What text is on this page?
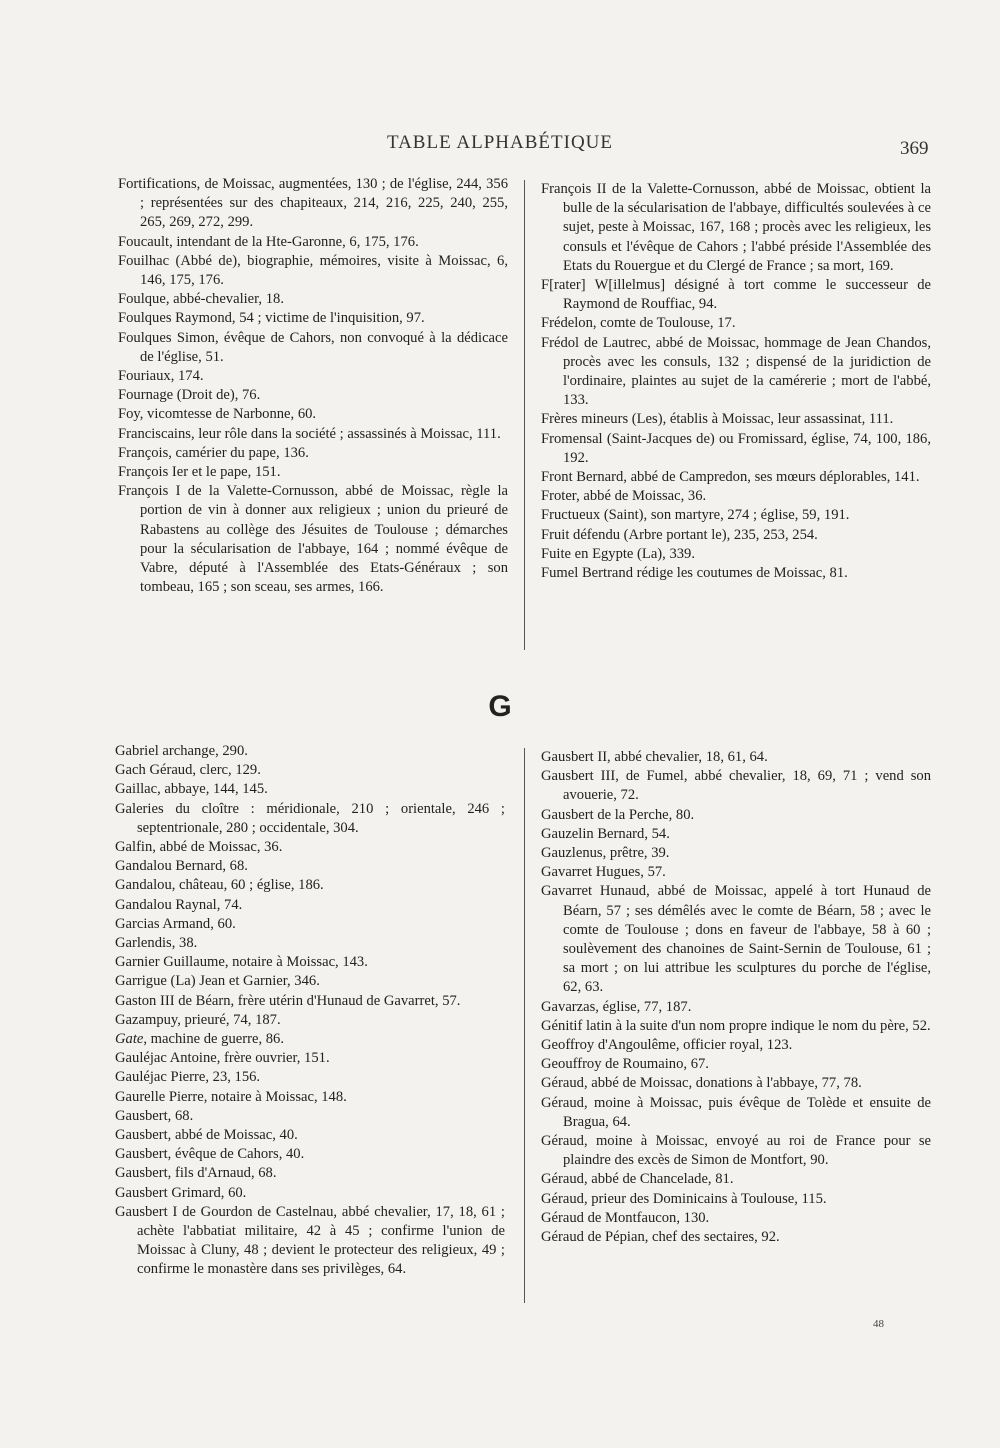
TABLE ALPHABÉTIQUE	369
Fortifications, de Moissac, augmentées, 130 ; de l'église, 244, 356 ; représentées sur des chapiteaux, 214, 216, 225, 240, 255, 265, 269, 272, 299.
Foucault, intendant de la Hte-Garonne, 6, 175, 176.
Fouilhac (Abbé de), biographie, mémoires, visite à Moissac, 6, 146, 175, 176.
Foulque, abbé-chevalier, 18.
Foulques Raymond, 54 ; victime de l'inquisition, 97.
Foulques Simon, évêque de Cahors, non convoqué à la dédicace de l'église, 51.
Fouriaux, 174.
Fournage (Droit de), 76.
Foy, vicomtesse de Narbonne, 60.
Franciscains, leur rôle dans la société ; assassinés à Moissac, 111.
François, camérier du pape, 136.
François Ier et le pape, 151.
François I de la Valette-Cornusson, abbé de Moissac, règle la portion de vin à donner aux religieux ; union du prieuré de Rabastens au collège des Jésuites de Toulouse ; démarches pour la sécularisation de l'abbaye, 164 ; nommé évêque de Vabre, député à l'Assemblée des Etats-Généraux ; son tombeau, 165 ; son sceau, ses armes, 166.
François II de la Valette-Cornusson, abbé de Moissac, obtient la bulle de la sécularisation de l'abbaye, difficultés soulevées à ce sujet, peste à Moissac, 167, 168 ; procès avec les religieux, les consuls et l'évêque de Cahors ; l'abbé préside l'Assemblée des Etats du Rouergue et du Clergé de France ; sa mort, 169.
F[rater] W[illelmus] désigné à tort comme le successeur de Raymond de Rouffiac, 94.
Frédelon, comte de Toulouse, 17.
Frédol de Lautrec, abbé de Moissac, hommage de Jean Chandos, procès avec les consuls, 132 ; dispensé de la juridiction de l'ordinaire, plaintes au sujet de la camérerie ; mort de l'abbé, 133.
Frères mineurs (Les), établis à Moissac, leur assassinat, 111.
Fromensal (Saint-Jacques de) ou Fromissard, église, 74, 100, 186, 192.
Front Bernard, abbé de Campredon, ses mœurs déplorables, 141.
Froter, abbé de Moissac, 36.
Fructueux (Saint), son martyre, 274 ; église, 59, 191.
Fruit défendu (Arbre portant le), 235, 253, 254.
Fuite en Egypte (La), 339.
Fumel Bertrand rédige les coutumes de Moissac, 81.
G
Gabriel archange, 290.
Gach Géraud, clerc, 129.
Gaillac, abbaye, 144, 145.
Galeries du cloître : méridionale, 210 ; orientale, 246 ; septentrionale, 280 ; occidentale, 304.
Galfin, abbé de Moissac, 36.
Gandalou Bernard, 68.
Gandalou, château, 60 ; église, 186.
Gandalou Raynal, 74.
Garcias Armand, 60.
Garlendis, 38.
Garnier Guillaume, notaire à Moissac, 143.
Garrigue (La) Jean et Garnier, 346.
Gaston III de Béarn, frère utérin d'Hunaud de Gavarret, 57.
Gazampuy, prieuré, 74, 187.
Gate, machine de guerre, 86.
Gauléjac Antoine, frère ouvrier, 151.
Gauléjac Pierre, 23, 156.
Gaurelle Pierre, notaire à Moissac, 148.
Gausbert, 68.
Gausbert, abbé de Moissac, 40.
Gausbert, évêque de Cahors, 40.
Gausbert, fils d'Arnaud, 68.
Gausbert Grimard, 60.
Gausbert I de Gourdon de Castelnau, abbé chevalier, 17, 18, 61 ; achète l'abbatiat militaire, 42 à 45 ; confirme l'union de Moissac à Cluny, 48 ; devient le protecteur des religieux, 49 ; confirme le monastère dans ses privilèges, 64.
Gausbert II, abbé chevalier, 18, 61, 64.
Gausbert III, de Fumel, abbé chevalier, 18, 69, 71 ; vend son avouerie, 72.
Gausbert de la Perche, 80.
Gauzelin Bernard, 54.
Gauzlenus, prêtre, 39.
Gavarret Hugues, 57.
Gavarret Hunaud, abbé de Moissac, appelé à tort Hunaud de Béarn, 57 ; ses démêlés avec le comte de Béarn, 58 ; avec le comte de Toulouse ; dons en faveur de l'abbaye, 58 à 60 ; soulèvement des chanoines de Saint-Sernin de Toulouse, 61 ; sa mort ; on lui attribue les sculptures du porche de l'église, 62, 63.
Gavarzas, église, 77, 187.
Génitif latin à la suite d'un nom propre indique le nom du père, 52.
Geoffroy d'Angoulême, officier royal, 123.
Geouffroy de Roumaino, 67.
Géraud, abbé de Moissac, donations à l'abbaye, 77, 78.
Géraud, moine à Moissac, puis évêque de Tolède et ensuite de Bragua, 64.
Géraud, moine à Moissac, envoyé au roi de France pour se plaindre des excès de Simon de Montfort, 90.
Géraud, abbé de Chancelade, 81.
Géraud, prieur des Dominicains à Toulouse, 115.
Géraud de Montfaucon, 130.
Géraud de Pépian, chef des sectaires, 92.
48
